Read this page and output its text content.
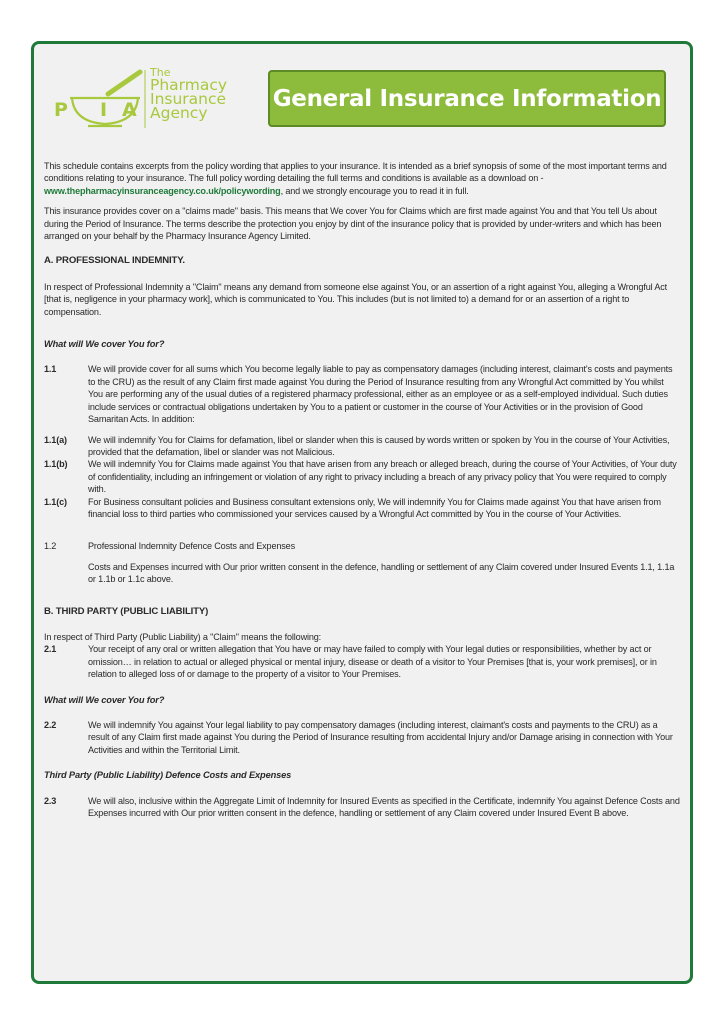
P I A
The
Pharmacy
Insurance
Agency
General Insurance Information

This schedule contains excerpts from the policy wording that applies to your insurance. It is intended as a brief synopsis of some of the most important terms and conditions relating to your insurance. The full policy wording detailing the full terms and conditions is available as a download on - www.thepharmacyinsuranceagency.co.uk/policywording, and we strongly encourage you to read it in full.

This insurance provides cover on a "claims made" basis. This means that We cover You for Claims which are first made against You and that You tell Us about during the Period of Insurance. The terms describe the protection you enjoy by dint of the insurance policy that is provided by under-writers and which has been arranged on your behalf by the Pharmacy Insurance Agency Limited.

A. PROFESSIONAL INDEMNITY.

In respect of Professional Indemnity a "Claim" means any demand from someone else against You, or an assertion of a right against You, alleging a Wrongful Act [that is, negligence in your pharmacy work], which is communicated to You. This includes (but is not limited to) a demand for or an assertion of a right to compensation.

What will We cover You for?

1.1	We will provide cover for all sums which You become legally liable to pay as compensatory damages (including interest, claimant's costs and payments to the CRU) as the result of any Claim first made against You during the Period of Insurance resulting from any Wrongful Act committed by You whilst You are performing any of the usual duties of a registered pharmacy professional, either as an employee or as a self-employed individual. Such duties include services or contractual obligations undertaken by You to a patient or customer in the course of Your Activities or in the provision of Good Samaritan Acts. In addition:
1.1(a)	We will indemnify You for Claims for defamation, libel or slander when this is caused by words written or spoken by You in the course of Your Activities, provided that the defamation, libel or slander was not Malicious.
1.1(b)	We will indemnify You for Claims made against You that have arisen from any breach or alleged breach, during the course of Your Activities, of Your duty of confidentiality, including an infringement or violation of any right to privacy including a breach of any privacy policy that You were required to comply with.
1.1(c)	For Business consultant policies and Business consultant extensions only, We will indemnify You for Claims made against You that have arisen from financial loss to third parties who commissioned your services caused by a Wrongful Act committed by You in the course of Your Activities.
1.2	Professional Indemnity Defence Costs and Expenses
Costs and Expenses incurred with Our prior written consent in the defence, handling or settlement of any Claim covered under Insured Events 1.1, 1.1a or 1.1b or 1.1c above.

B. THIRD PARTY (PUBLIC LIABILITY)

In respect of Third Party (Public Liability) a "Claim" means the following:

2.1	Your receipt of any oral or written allegation that You have or may have failed to comply with Your legal duties or responsibilities, whether by act or omission… in relation to actual or alleged physical or mental injury, disease or death of a visitor to Your Premises [that is, your work premises], or in relation to alleged loss of or damage to the property of a visitor to Your Premises.

What will We cover You for?

2.2	We will indemnify You against Your legal liability to pay compensatory damages (including interest, claimant's costs and payments to the CRU) as a result of any Claim first made against You during the Period of Insurance resulting from accidental Injury and/or Damage arising in connection with Your Activities and within the Territorial Limit.

Third Party (Public Liability) Defence Costs and Expenses

2.3	We will also, inclusive within the Aggregate Limit of Indemnity for Insured Events as specified in the Certificate, indemnify You against Defence Costs and Expenses incurred with Our prior written consent in the defence, handling or settlement of any Claim covered under Insured Event B above.
